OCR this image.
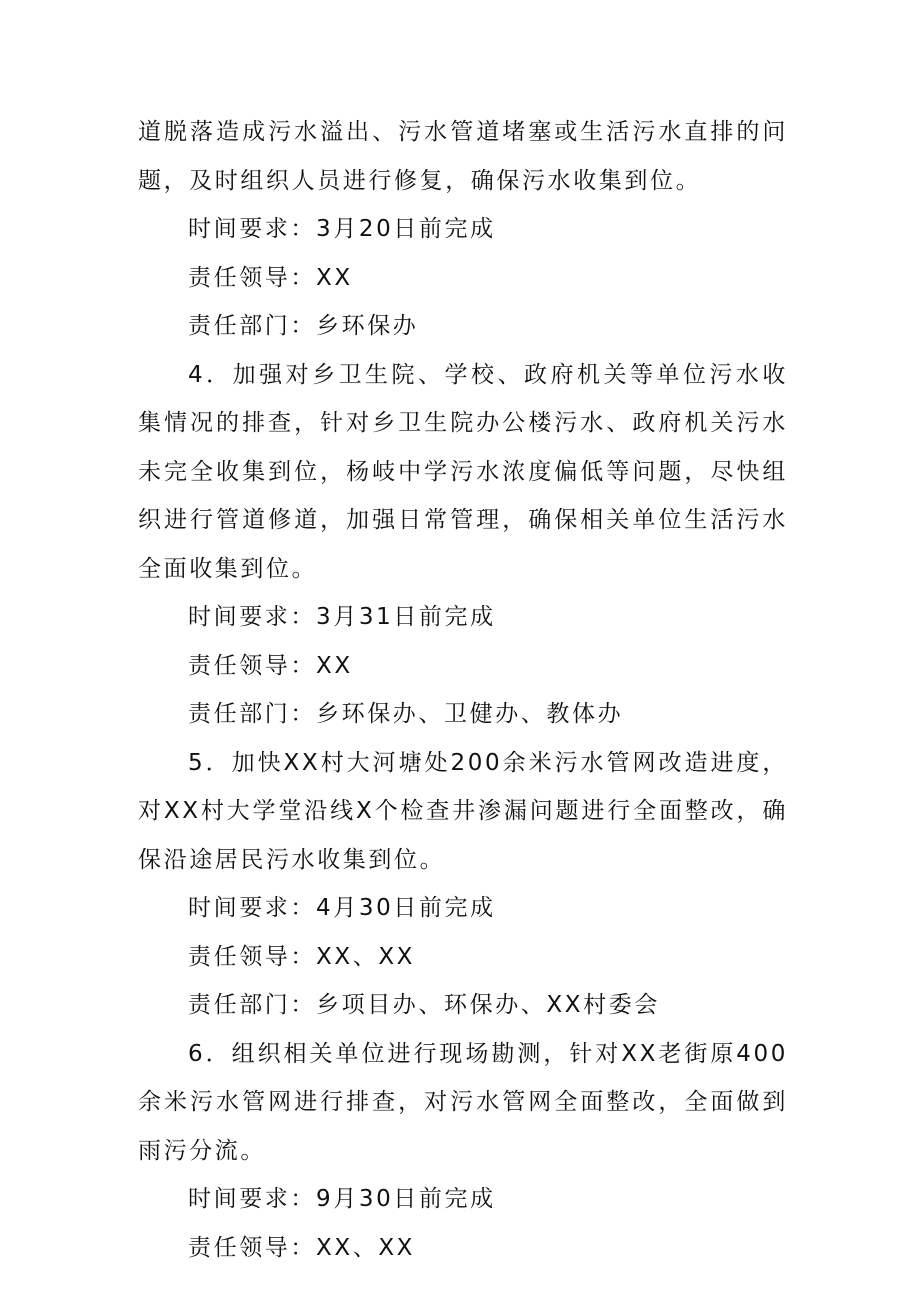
道脱落造成污水溢出、污水管道堵塞或生活污水直排的问题，及时组织人员进行修复，确保污水收集到位。

时间要求：3月20日前完成

责任领导：XX

责任部门：乡环保办

4．加强对乡卫生院、学校、政府机关等单位污水收集情况的排查，针对乡卫生院办公楼污水、政府机关污水未完全收集到位，杨岐中学污水浓度偏低等问题，尽快组织进行管道修道，加强日常管理，确保相关单位生活污水全面收集到位。

时间要求：3月31日前完成

责任领导：XX

责任部门：乡环保办、卫健办、教体办

5．加快XX村大河塘处200余米污水管网改造进度，对XX村大学堂沿线X个检查井渗漏问题进行全面整改，确保沿途居民污水收集到位。

时间要求：4月30日前完成

责任领导：XX、XX

责任部门：乡项目办、环保办、XX村委会

6．组织相关单位进行现场勘测，针对XX老街原400余米污水管网进行排查，对污水管网全面整改，全面做到雨污分流。

时间要求：9月30日前完成

责任领导：XX、XX
